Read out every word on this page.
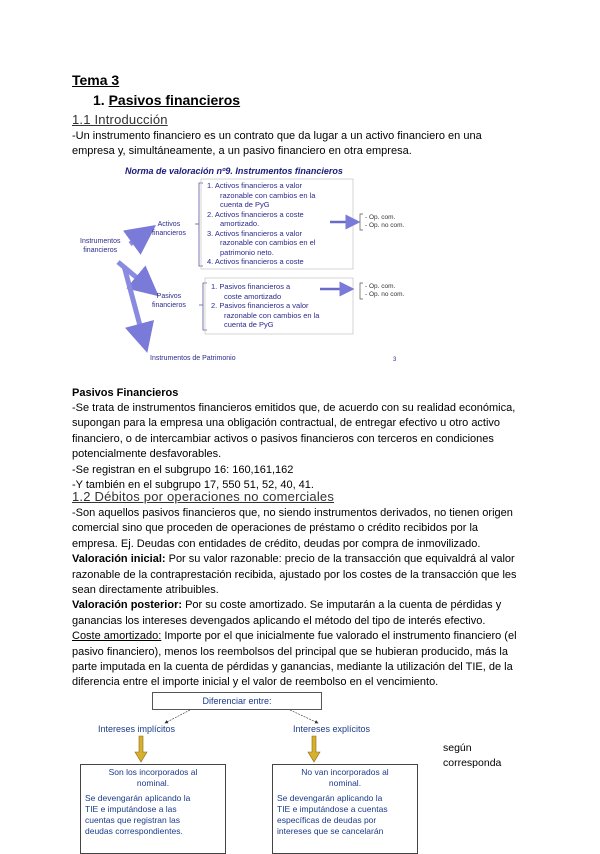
Tema 3
1. Pasivos financieros
1.1 Introducción
-Un instrumento financiero es un contrato que da lugar a un activo financiero en una
empresa y, simultáneamente, a un pasivo financiero en otra empresa.
Norma de valoración nº9. Instrumentos financieros
Instrumentos
financieros
Activos
financieros
Pasivos
financieros
Instrumentos de Patrimonio	3
1. Activos financieros a valor
razonable con cambios en la
cuenta de PyG
2. Activos financieros a coste
amortizado.
3. Activos financieros a valor
razonable con cambios en el
patrimonio neto.
4. Activos financieros a coste
1. Pasivos financieros a
coste amortizado
2. Pasivos financieros a valor
razonable con cambios en la
cuenta de PyG
- Op. com.
- Op. no com.
- Op. com.
- Op. no com.
Pasivos Financieros
-Se trata de instrumentos financieros emitidos que, de acuerdo con su realidad económica,
supongan para la empresa una obligación contractual, de entregar efectivo u otro activo
financiero, o de intercambiar activos o pasivos financieros con terceros en condiciones
potencialmente desfavorables.
-Se registran en el subgrupo 16: 160,161,162
-Y también en el subgrupo 17, 550 51, 52, 40, 41.
1.2 Débitos por operaciones no comerciales
-Son aquellos pasivos financieros que, no siendo instrumentos derivados, no tienen origen
comercial sino que proceden de operaciones de préstamo o crédito recibidos por la
empresa. Ej. Deudas con entidades de crédito, deudas por compra de inmovilizado.
Valoración inicial: Por su valor razonable: precio de la transacción que equivaldrá al valor
razonable de la contraprestación recibida, ajustado por los costes de la transacción que les
sean directamente atribuibles.
Valoración posterior: Por su coste amortizado. Se imputarán a la cuenta de pérdidas y
ganancias los intereses devengados aplicando el método del tipo de interés efectivo.
Coste amortizado: Importe por el que inicialmente fue valorado el instrumento financiero (el
pasivo financiero), menos los reembolsos del principal que se hubieran producido, más la
parte imputada en la cuenta de pérdidas y ganancias, mediante la utilización del TIE, de la
diferencia entre el importe inicial y el valor de reembolso en el vencimiento.
Diferenciar entre:
Intereses implícitos	Intereses explícitos
Son los incorporados al
nominal.
Se devengarán aplicando la
TIE e imputándose a las
cuentas que registran las
deudas correspondientes.
No van incorporados al
nominal.
Se devengarán aplicando la
TIE e imputándose a cuentas
específicas de deudas por
intereses que se cancelarán
según
corresponda
